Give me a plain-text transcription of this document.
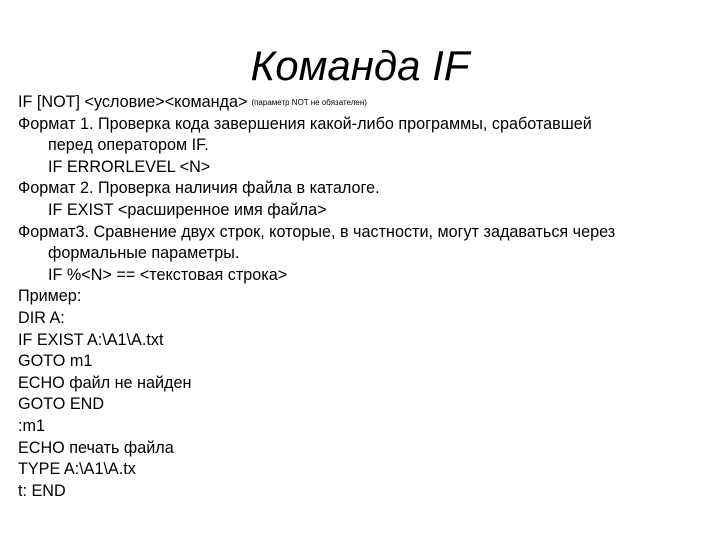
Команда IF
IF [NOT] <условие><команда> (параметр NOT не обязателен)
Формат 1. Проверка кода завершения какой-либо программы, сработавшей
перед оператором IF.
IF ERRORLEVEL <N>
Формат 2. Проверка наличия файла в каталоге.
IF EXIST <расширенное имя файла>
Формат3. Сравнение двух строк, которые, в частности, могут задаваться через
формальные параметры.
IF %<N> == <текстовая строка>
Пример:
DIR A:
IF EXIST A:\A1\A.txt
GOTO m1
ECHO файл не найден
GOTO END
:m1
ECHO печать файла
TYPE A:\A1\A.tx
t: END
